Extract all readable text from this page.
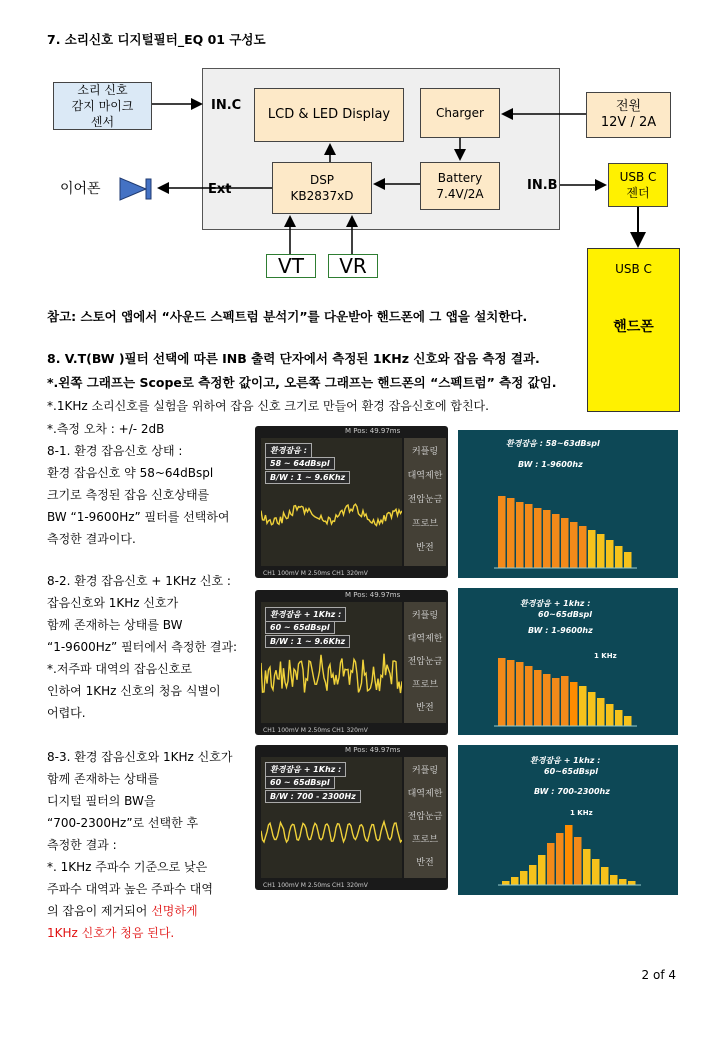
7. 소리신호 디지털필터_EQ 01 구성도
IN.C
Ext	IN.B
소리 신호
감지 마이크
센서	LCD & LED Display	Charger	전원
12V / 2A
DSP
KB2837xD
Battery
7.4V/2A
USB C
젠더
VT	VR
이어폰
USB C
핸드폰
참고: 스토어 앱에서 “사운드 스펙트럼 분석기”를 다운받아 핸드폰에 그 앱을 설치한다.
8. V.T(BW )필터 선택에 따른 INB 출력 단자에서 측정된 1KHz 신호와 잡음 측정 결과.
*.왼쪽 그래프는 Scope로 측정한 값이고, 오른쪽 그래프는 핸드폰의 “스펙트럼” 측정 값임.
*.1KHz 소리신호를 실험을 위하여 잡음 신호 크기로 만들어 환경 잡음신호에 합친다.
*.측정 오차 : +/- 2dB
8-1. 환경 잡음신호 상태 :
환경 잡음신호 약 58~64dBspl
크기로 측정된 잡음 신호상태를
BW “1-9600Hz” 필터를 선택하여
측정한 결과이다.
8-2. 환경 잡음신호 + 1KHz 신호 :
잡음신호와 1KHz 신호가
함께 존재하는 상태를 BW
“1-9600Hz” 필터에서 측정한 결과:
*.저주파 대역의 잡음신호로
인하여 1KHz 신호의 청음 식별이
어렵다.
8-3. 환경 잡음신호와 1KHz 신호가
함께 존재하는 상태를
디지털 필터의 BW을
“700-2300Hz”로 선택한 후
측정한 결과 :
*. 1KHz 주파수 기준으로 낮은
주파수 대역과 높은 주파수 대역
의 잡음이 제거되어 선명하게
1KHz 신호가 청음 된다.
커플링
대역제한
전압눈금
프로브
반전
환경잡음 :
58 ~ 64dBspl
B/W : 1 ~ 9.6Khz
M Pos: 49.97ms
CH1 100mV M 2.50ms CH1 320mV
커플링
대역제한
전압눈금
프로브
반전
환경잡음 + 1Khz :
60 ~ 65dBspl
B/W : 1 ~ 9.6Khz
M Pos: 49.97ms
CH1 100mV M 2.50ms CH1 320mV
커플링
대역제한
전압눈금
프로브
반전
환경잡음 + 1Khz :
60 ~ 65dBspl
B/W : 700 - 2300Hz
M Pos: 49.97ms
CH1 100mV M 2.50ms CH1 320mV
환경잡음 : 58~63dBspl
BW : 1-9600hz
환경잡음 + 1khz :
60~65dBspl
BW : 1-9600hz
1 KHz
환경잡음 + 1khz :
60~65dBspl
BW : 700-2300hz
1 KHz
2 of 4
